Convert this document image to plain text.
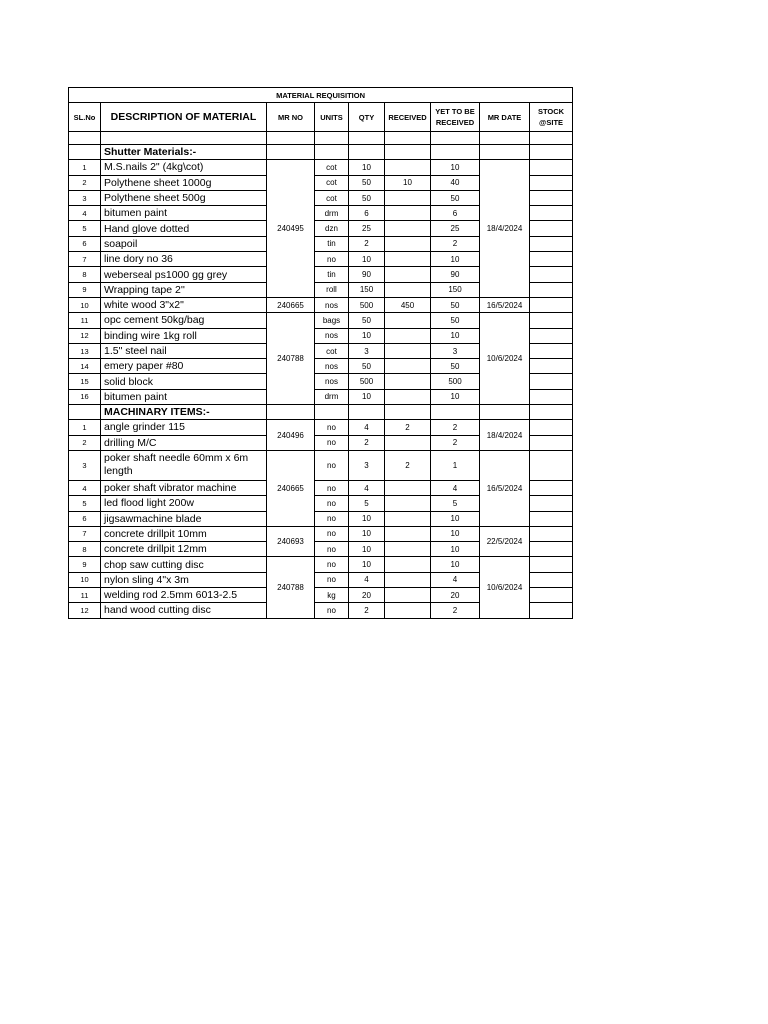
MATERIAL REQUISITION								
SL.No	DESCRIPTION OF MATERIAL	MR NO	UNITS	QTY	RECEIVED	YET TO BE RECEIVED	MR DATE	STOCK @SITE

	Shutter Materials:-							
1	M.S.nails 2" (4kg\cot)	240495	cot	10		10	18/4/2024	
2	Polythene sheet 1000g		cot	50	10	40		
3	Polythene sheet 500g		cot	50		50		
4	bitumen paint		drm	6		6		
5	Hand glove dotted		dzn	25		25		
6	soapoil		tin	2		2		
7	line dory no 36		no	10		10		
8	weberseal ps1000 gg grey		tin	90		90		
9	Wrapping tape 2''		roll	150		150		
10	white wood 3"x2"	240665	nos	500	450	50	16/5/2024	
11	opc cement 50kg/bag	240788	bags	50		50	10/6/2024	
12	binding wire 1kg roll		nos	10		10		
13	1.5" steel nail		cot	3		3		
14	emery paper #80		nos	50		50		
15	solid block		nos	500		500		
16	bitumen paint		drm	10		10		
	MACHINARY ITEMS:-							
1	angle grinder 115	240496	no	4	2	2	18/4/2024	
2	drilling M/C		no	2		2		
3	poker shaft needle 60mm x 6m length	240665	no	3	2	1	16/5/2024	
4	poker shaft vibrator machine		no	4		4		
5	led flood light 200w		no	5		5		
6	jigsawmachine blade		no	10		10		
7	concrete drillpit 10mm	240693	no	10		10	22/5/2024	
8	concrete drillpit 12mm		no	10		10		
9	chop saw cutting disc	240788	no	10		10	10/6/2024	
10	nylon sling 4"x 3m		no	4		4		
11	welding rod 2.5mm 6013-2.5		kg	20		20		
12	hand wood cutting disc		no	2		2		
